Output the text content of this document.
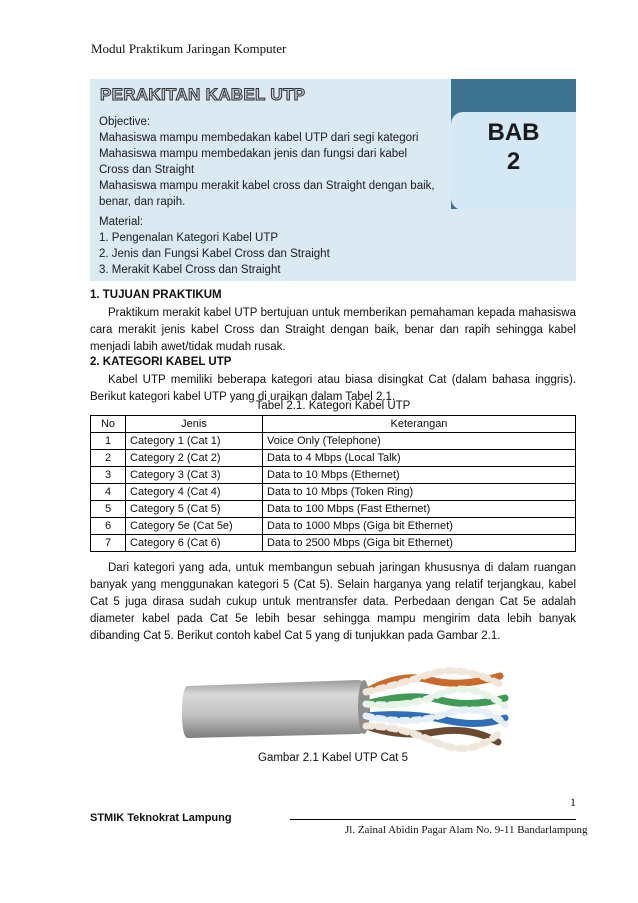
Modul Praktikum Jaringan Komputer
BAB
2
PERAKITAN KABEL UTP
Objective:
Mahasiswa mampu membedakan kabel UTP dari segi kategori
Mahasiswa mampu membedakan jenis dan fungsi dari kabel
Cross dan Straight
Mahasiswa mampu merakit kabel cross dan Straight dengan baik,
benar, dan rapih.
Material:
1. Pengenalan Kategori Kabel UTP
2. Jenis dan Fungsi Kabel Cross dan Straight
3. Merakit Kabel Cross dan Straight
1. TUJUAN PRAKTIKUM
Praktikum merakit kabel UTP bertujuan untuk memberikan pemahaman kepada mahasiswa cara merakit jenis kabel Cross dan Straight dengan baik, benar dan rapih sehingga kabel menjadi labih awet/tidak mudah rusak.
2. KATEGORI KABEL UTP
Kabel UTP memiliki beberapa kategori atau biasa disingkat Cat (dalam bahasa inggris). Berikut kategori kabel UTP yang di uraikan dalam Tabel 2.1.
Tabel 2.1. Kategori Kabel UTP
No	Jenis	Keterangan
1	Category 1 (Cat 1)	Voice Only (Telephone)
2	Category 2 (Cat 2)	Data to 4 Mbps (Local Talk)
3	Category 3 (Cat 3)	Data to 10 Mbps (Ethernet)
4	Category 4 (Cat 4)	Data to 10 Mbps (Token Ring)
5	Category 5 (Cat 5)	Data to 100 Mbps (Fast Ethernet)
6	Category 5e (Cat 5e)	Data to 1000 Mbps (Giga bit Ethernet)
7	Category 6 (Cat 6)	Data to 2500 Mbps (Giga bit Ethernet)
Dari kategori yang ada, untuk membangun sebuah jaringan khususnya di dalam ruangan banyak yang menggunakan kategori 5 (Cat 5). Selain harganya yang relatif terjangkau, kabel Cat 5 juga dirasa sudah cukup untuk mentransfer data. Perbedaan dengan Cat 5e adalah diameter kabel pada Cat 5e lebih besar sehingga mampu mengirim data lebih banyak dibanding Cat 5. Berikut contoh kabel Cat 5 yang di tunjukkan pada Gambar 2.1.
Gambar 2.1 Kabel UTP Cat 5
1
STMIK Teknokrat Lampung
Jl. Zainal Abidin Pagar Alam No. 9-11 Bandarlampung
